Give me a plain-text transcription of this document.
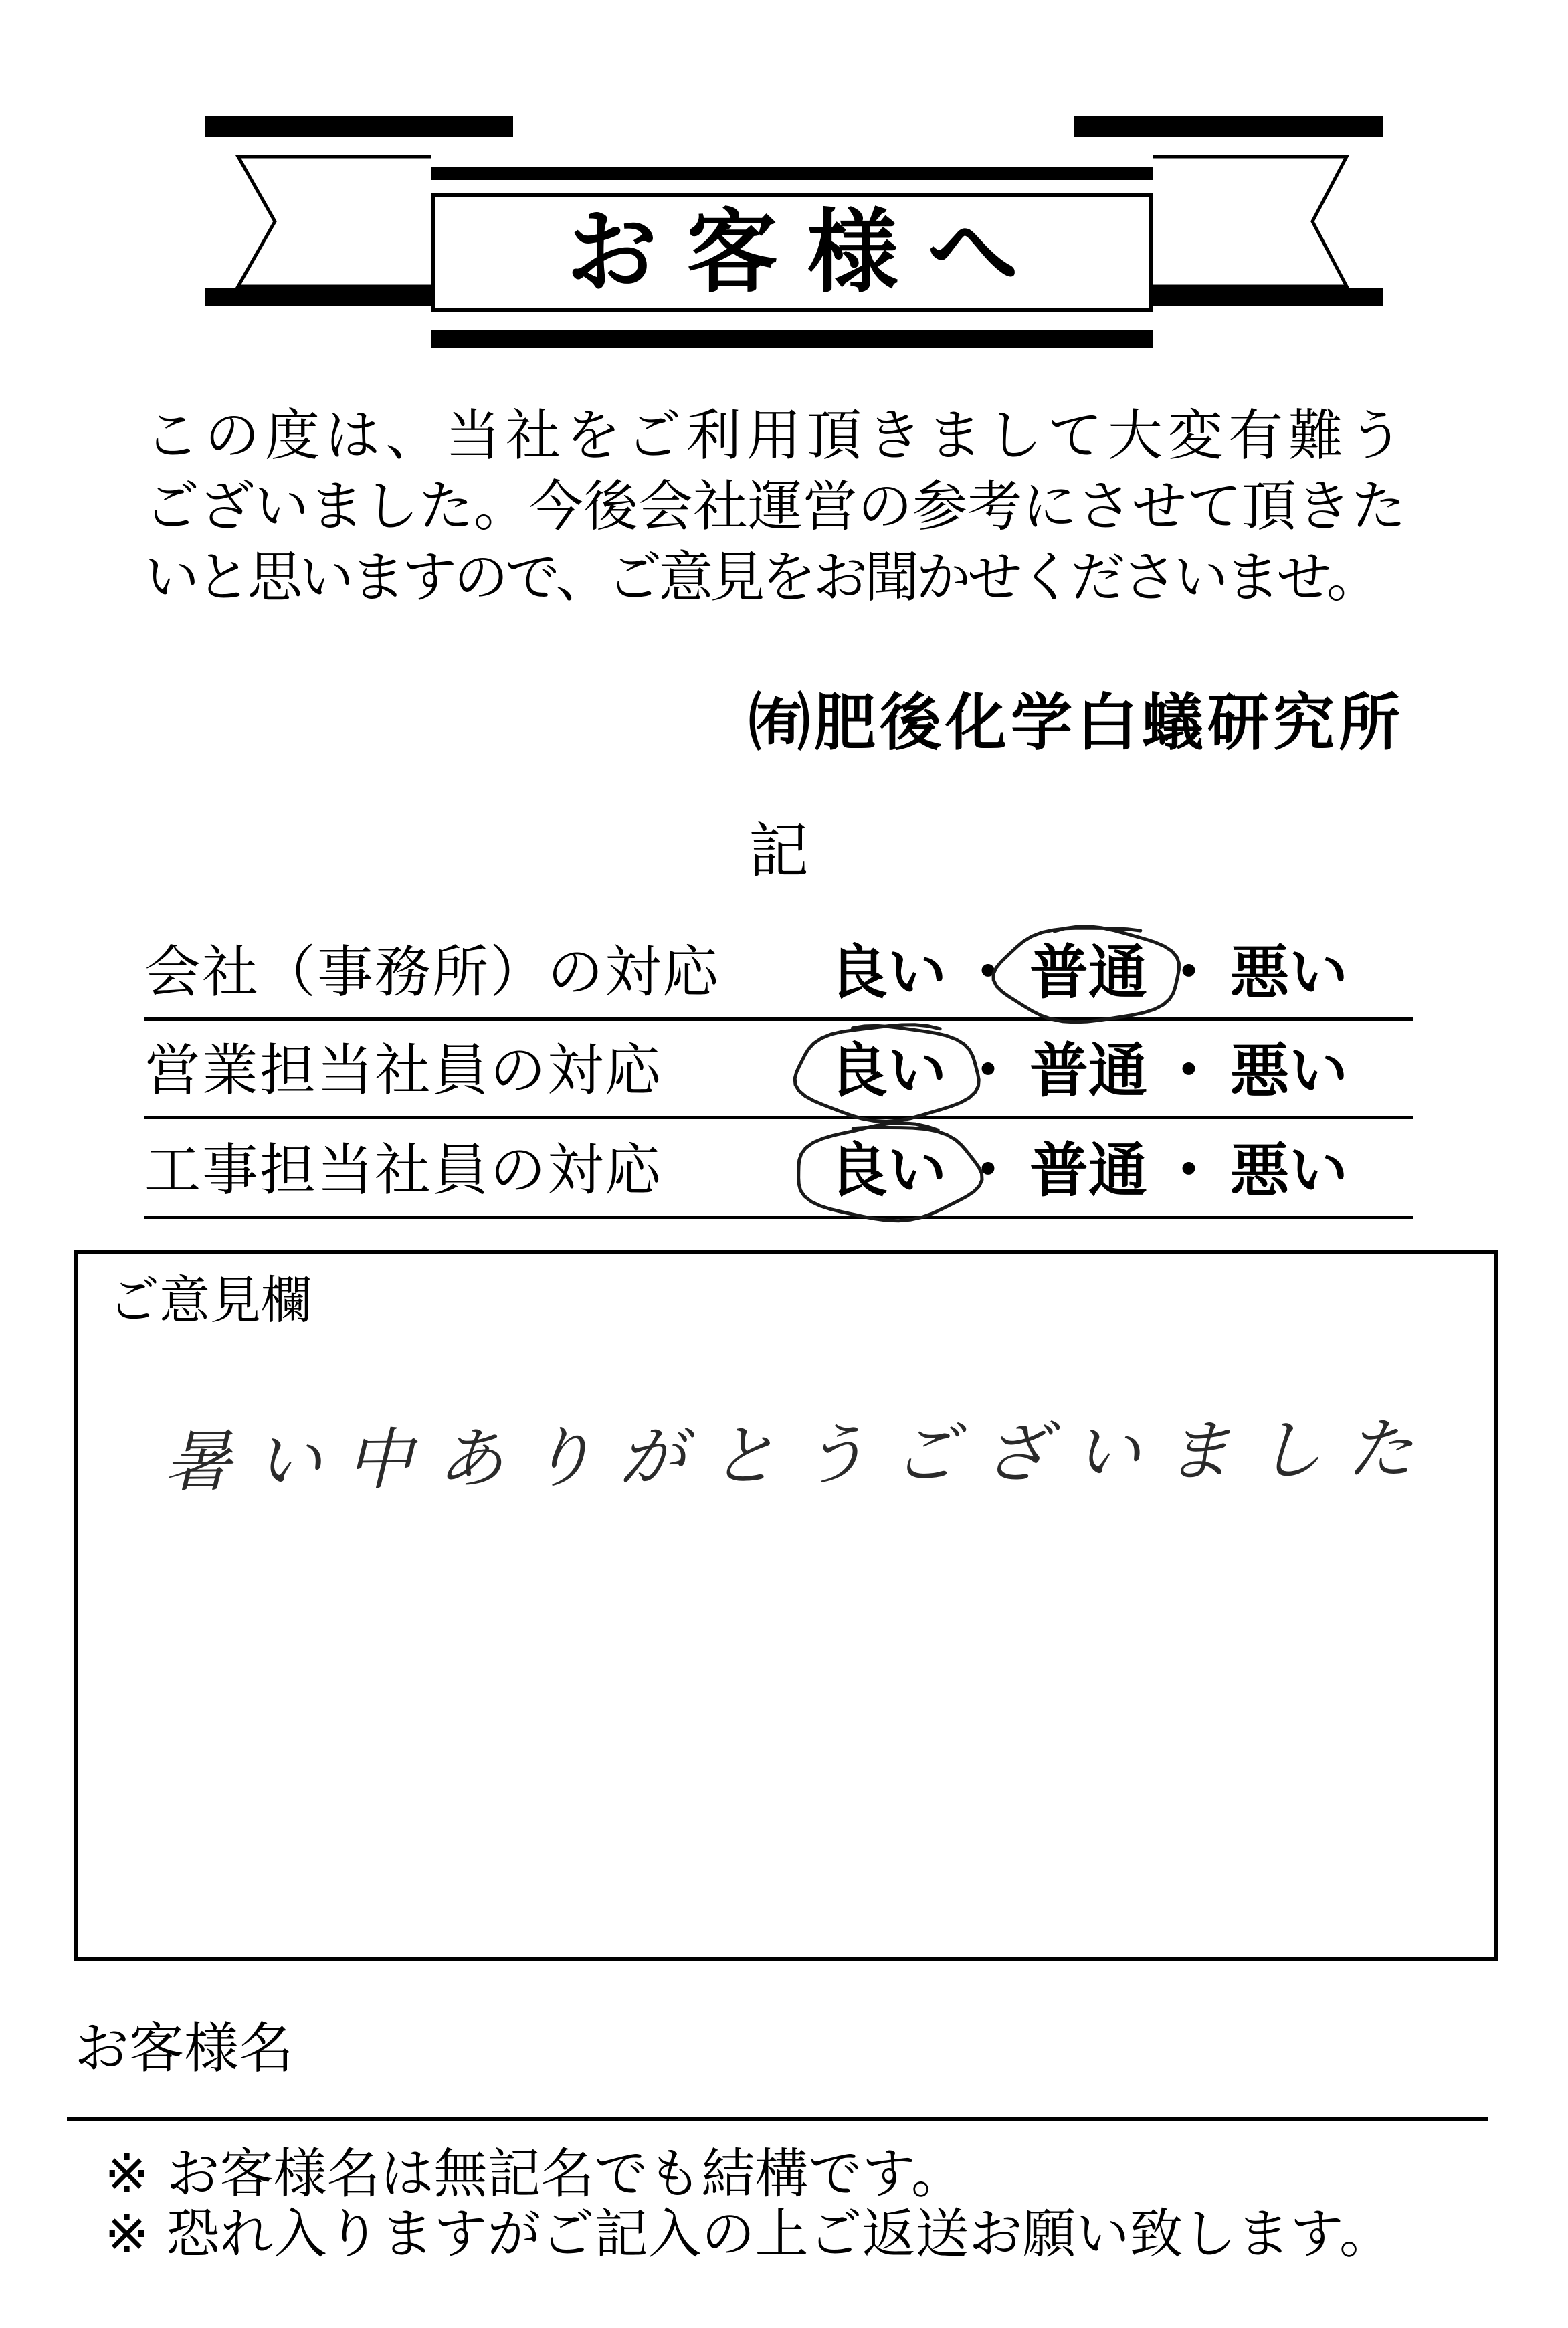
お客様へ
この度は、当社をご利用頂きまして大変有難う
ございました。今後会社運営の参考にさせて頂きた
いと思いますので、ご意見をお聞かせくださいませ。
㈲肥後化学白蟻研究所
記
会社（事務所）の対応	良い ・ 普通 ・ 悪い
営業担当社員の対応	良い ・ 普通 ・ 悪い
工事担当社員の対応	良い ・ 普通 ・ 悪い
ご意見欄
暑い中ありがとうございました
お客様名
※ お客様名は無記名でも結構です。
※ 恐れ入りますがご記入の上ご返送お願い致します。
